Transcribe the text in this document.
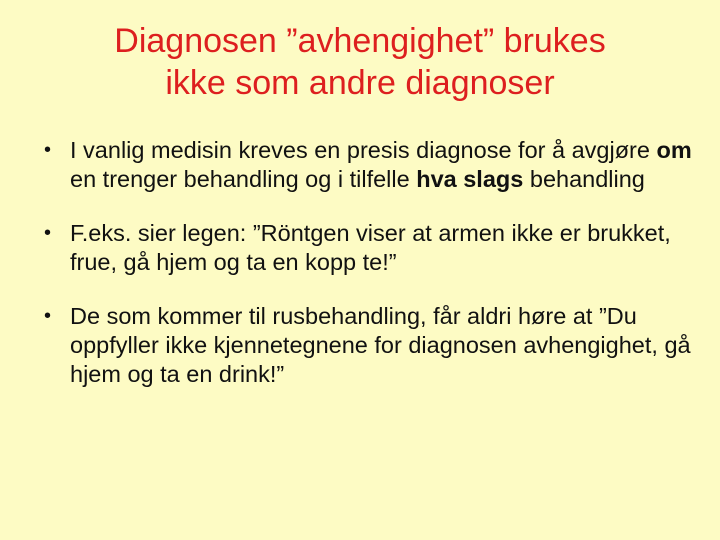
Diagnosen ”avhengighet” brukes
ikke som andre diagnoser
• I vanlig medisin kreves en presis diagnose for å avgjøre om en trenger behandling og i tilfelle hva slags behandling
• F.eks. sier legen: ”Röntgen viser at armen ikke er brukket, frue, gå hjem og ta en kopp te!”
• De som kommer til rusbehandling, får aldri høre at ”Du oppfyller ikke kjennetegnene for diagnosen avhengighet, gå hjem og ta en drink!”
